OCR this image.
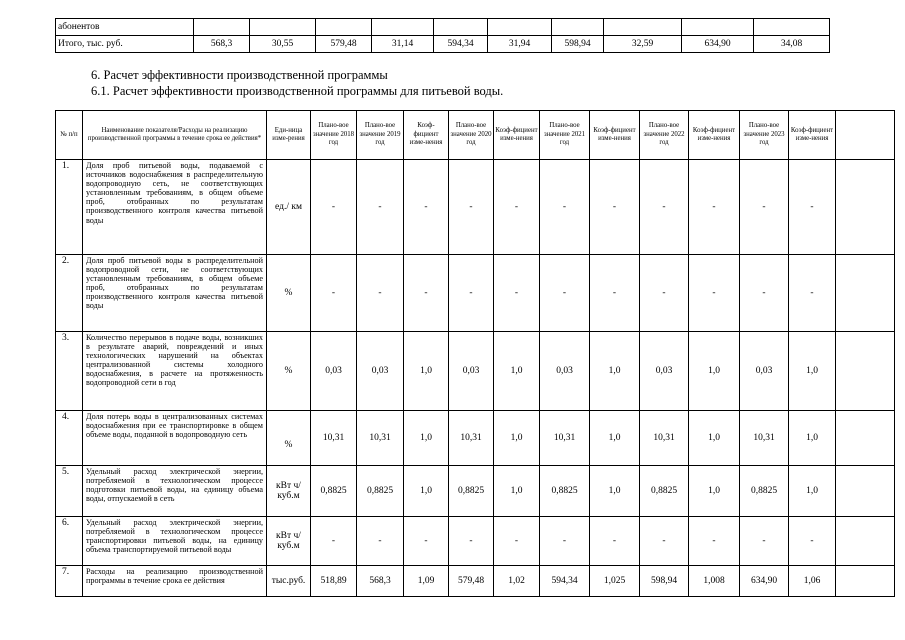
абонентов										
Итого, тыс. руб.	568,3	30,55	579,48	31,14	594,34	31,94	598,94	32,59	634,90	34,08
6. Расчет эффективности производственной программы
6.1. Расчет эффективности производственной программы для питьевой воды.
№ п/п	Наименование показателя/Расходы на реализацию производственной программы в течение срока ее действия*	Еди-ница изме-рения	Плано-вое значение 2018 год	Плано-вое значение 2019 год	Коэф-фициент изме-нения	Плано-вое значение 2020 год	Коэф-фициент изме-нения	Плано-вое значение 2021 год	Коэф-фициент изме-нения	Плано-вое значение 2022 год	Коэф-фициент изме-нения	Плано-вое значение 2023 год	Коэф-фициент изме-нения	
1.	Доля проб питьевой воды, подаваемой с источников водоснабжения в распределительную водопроводную сеть, не соответствующих установленным требованиям, в общем объеме проб, отобранных по результатам производственного контроля качества питьевой воды	ед./ км	-	-	-	-	-	-	-	-	-	-	-	
2.	Доля проб питьевой воды в распределительной водопроводной сети, не соответствующих установленным требованиям, в общем объеме проб, отобранных по результатам производственного контроля качества питьевой воды	%	-	-	-	-	-	-	-	-	-	-	-	
3.	Количество перерывов в подаче воды, возникших в результате аварий, повреждений и иных технологических нарушений на объектах централизованной системы холодного водоснабжения, в расчете на протяженность водопроводной сети в год	%	0,03	0,03	1,0	0,03	1,0	0,03	1,0	0,03	1,0	0,03	1,0	
4.	Доля потерь воды в централизованных системах водоснабжения при ее транспортировке в общем объеме воды, поданной в водопроводную сеть	%	10,31	10,31	1,0	10,31	1,0	10,31	1,0	10,31	1,0	10,31	1,0	
5.	Удельный расход электрической энергии, потребляемой в технологическом процессе подготовки питьевой воды, на единицу объема воды, отпускаемой в сеть	кВт ч/куб.м	0,8825	0,8825	1,0	0,8825	1,0	0,8825	1,0	0,8825	1,0	0,8825	1,0	
6.	Удельный расход электрической энергии, потребляемой в технологическом процессе транспортировки питьевой воды, на единицу объема транспортируемой питьевой воды	кВт ч/куб.м	-	-	-	-	-	-	-	-	-	-	-	
7.	Расходы на реализацию производственной программы в течение срока ее действия	тыс.руб.	518,89	568,3	1,09	579,48	1,02	594,34	1,025	598,94	1,008	634,90	1,06	
